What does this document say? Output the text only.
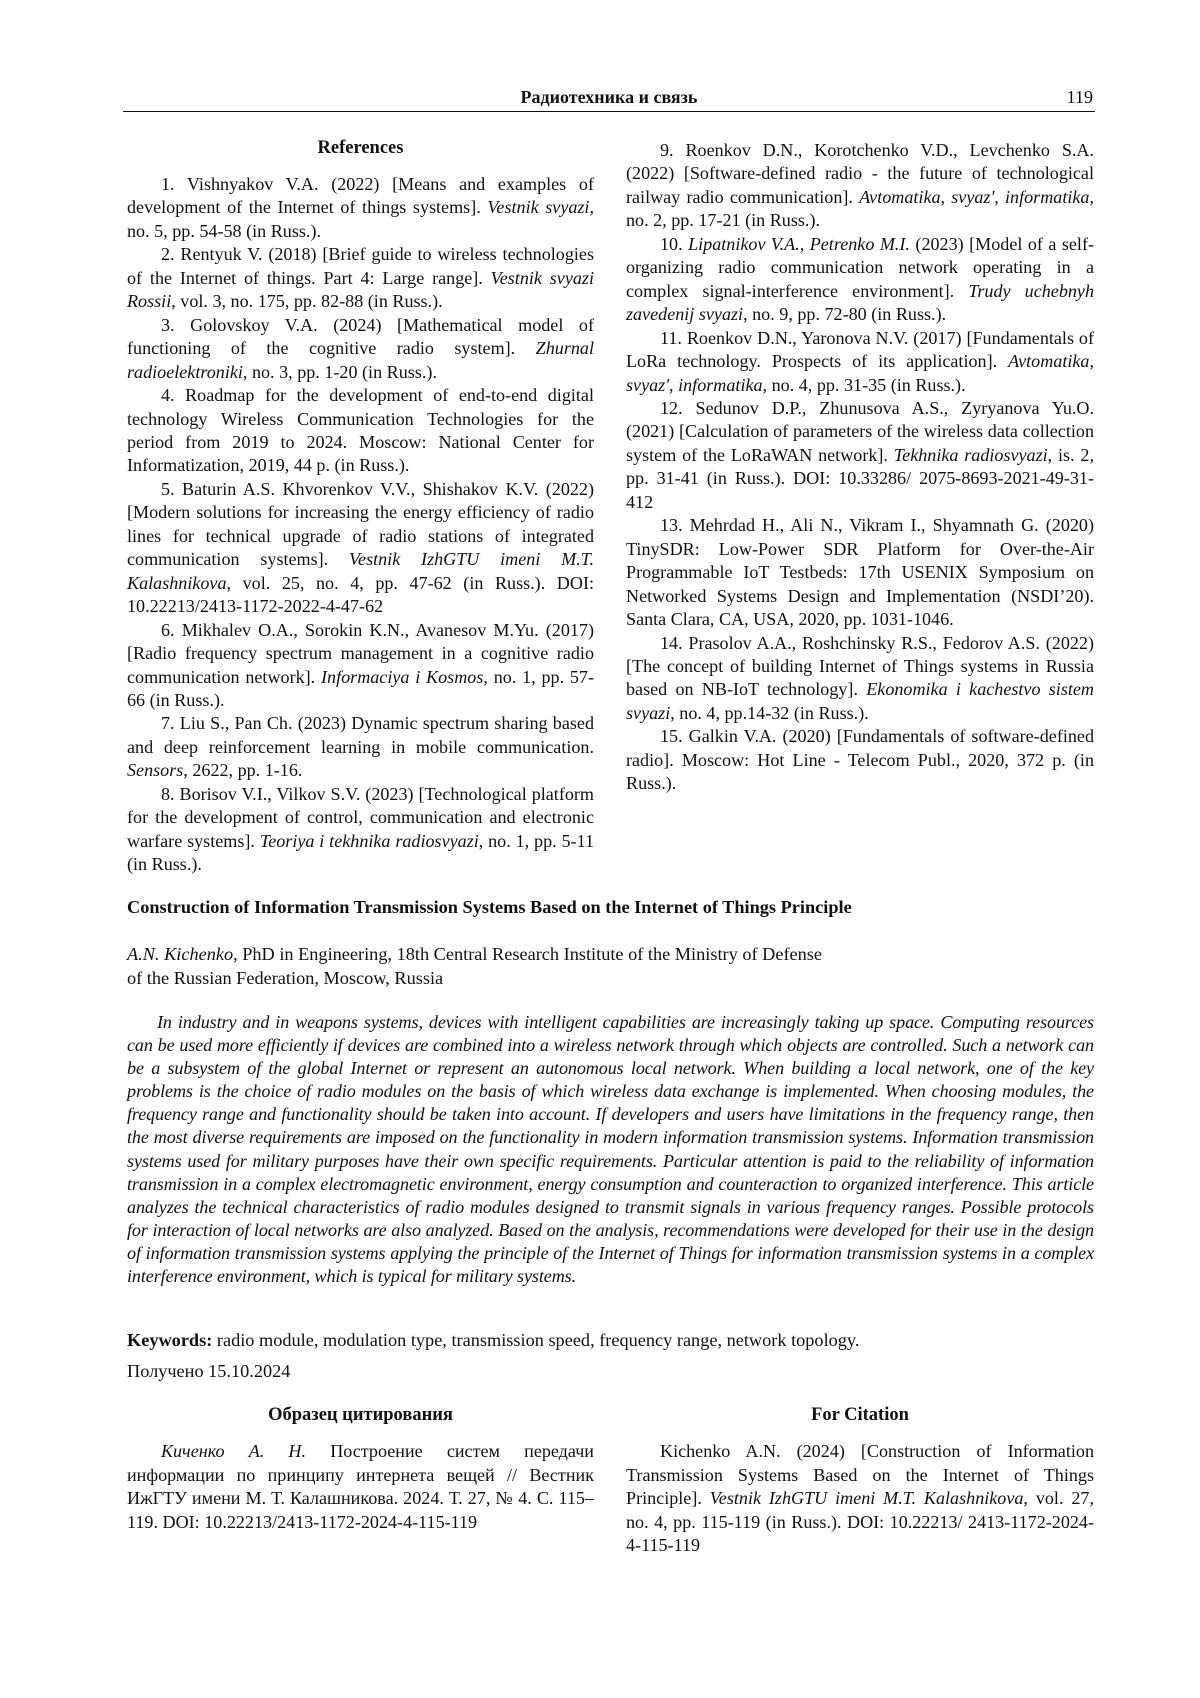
Радиотехника и связь	119
References

1. Vishnyakov V.A. (2022) [Means and examples of development of the Internet of things systems]. Vestnik svyazi, no. 5, pp. 54-58 (in Russ.).

2. Rentyuk V. (2018) [Brief guide to wireless technologies of the Internet of things. Part 4: Large range]. Vestnik svyazi Rossii, vol. 3, no. 175, pp. 82-88 (in Russ.).

3. Golovskoy V.A. (2024) [Mathematical model of functioning of the cognitive radio system]. Zhurnal radioelektroniki, no. 3, pp. 1-20 (in Russ.).

4. Roadmap for the development of end-to-end digital technology Wireless Communication Technologies for the period from 2019 to 2024. Moscow: National Center for Informatization, 2019, 44 p. (in Russ.).

5. Baturin A.S. Khvorenkov V.V., Shishakov K.V. (2022) [Modern solutions for increasing the energy efficiency of radio lines for technical upgrade of radio stations of integrated communication systems]. Vestnik IzhGTU imeni M.T. Kalashnikova, vol. 25, no. 4, pp. 47-62 (in Russ.). DOI: 10.22213/2413-1172-2022-4-47-62

6. Mikhalev O.A., Sorokin K.N., Avanesov M.Yu. (2017) [Radio frequency spectrum management in a cognitive radio communication network]. Informaciya i Kosmos, no. 1, pp. 57-66 (in Russ.).

7. Liu S., Pan Ch. (2023) Dynamic spectrum sharing based and deep reinforcement learning in mobile communication. Sensors, 2622, pp. 1-16.

8. Borisov V.I., Vilkov S.V. (2023) [Technological platform for the development of control, communication and electronic warfare systems]. Teoriya i tekhnika radiosvyazi, no. 1, pp. 5-11 (in Russ.).

9. Roenkov D.N., Korotchenko V.D., Levchenko S.A. (2022) [Software-defined radio - the future of technological railway radio communication]. Avtomatika, svyaz', informatika, no. 2, pp. 17-21 (in Russ.).

10. Lipatnikov V.A., Petrenko M.I. (2023) [Model of a self-organizing radio communication network operating in a complex signal-interference environment]. Trudy uchebnyh zavedenij svyazi, no. 9, pp. 72-80 (in Russ.).

11. Roenkov D.N., Yaronova N.V. (2017) [Fundamentals of LoRa technology. Prospects of its application]. Avtomatika, svyaz', informatika, no. 4, pp. 31-35 (in Russ.).

12. Sedunov D.P., Zhunusova A.S., Zyryanova Yu.O. (2021) [Calculation of parameters of the wireless data collection system of the LoRaWAN network]. Tekhnika radiosvyazi, is. 2, pp. 31-41 (in Russ.). DOI: 10.33286/ 2075-8693-2021-49-31-412

13. Mehrdad H., Ali N., Vikram I., Shyamnath G. (2020) TinySDR: Low-Power SDR Platform for Over-the-Air Programmable IoT Testbeds: 17th USENIX Symposium on Networked Systems Design and Implementation (NSDI’20). Santa Clara, CA, USA, 2020, pp. 1031-1046.

14. Prasolov A.A., Roshchinsky R.S., Fedorov A.S. (2022) [The concept of building Internet of Things systems in Russia based on NB-IoT technology]. Ekonomika i kachestvo sistem svyazi, no. 4, pp.14-32 (in Russ.).

15. Galkin V.A. (2020) [Fundamentals of software-defined radio]. Moscow: Hot Line - Telecom Publ., 2020, 372 p. (in Russ.).

Construction of Information Transmission Systems Based on the Internet of Things Principle
A.N. Kichenko, PhD in Engineering, 18th Central Research Institute of the Ministry of Defense
of the Russian Federation, Moscow, Russia

In industry and in weapons systems, devices with intelligent capabilities are increasingly taking up space. Computing resources can be used more efficiently if devices are combined into a wireless network through which objects are controlled. Such a network can be a subsystem of the global Internet or represent an autonomous local network. When building a local network, one of the key problems is the choice of radio modules on the basis of which wireless data exchange is implemented. When choosing modules, the frequency range and functionality should be taken into account. If developers and users have limitations in the frequency range, then the most diverse requirements are imposed on the functionality in modern information transmission systems. Information transmission systems used for military purposes have their own specific requirements. Particular attention is paid to the reliability of information transmission in a complex electromagnetic environment, energy consumption and counteraction to organized interference. This article analyzes the technical characteristics of radio modules designed to transmit signals in various frequency ranges. Possible protocols for interaction of local networks are also analyzed. Based on the analysis, recommendations were developed for their use in the design of information transmission systems applying the principle of the Internet of Things for information transmission systems in a complex interference environment, which is typical for military systems.

Keywords: radio module, modulation type, transmission speed, frequency range, network topology.
Получено 15.10.2024
Образец цитирования	For Citation

Киченко А. Н. Построение систем передачи информации по принципу интернета вещей // Вестник ИжГТУ имени М. Т. Калашникова. 2024. Т. 27, № 4. С. 115–119. DOI: 10.22213/2413-1172-2024-4-115-119

Kichenko A.N. (2024) [Construction of Information Transmission Systems Based on the Internet of Things Principle]. Vestnik IzhGTU imeni M.T. Kalashnikova, vol. 27, no. 4, pp. 115-119 (in Russ.). DOI: 10.22213/ 2413-1172-2024-4-115-119
